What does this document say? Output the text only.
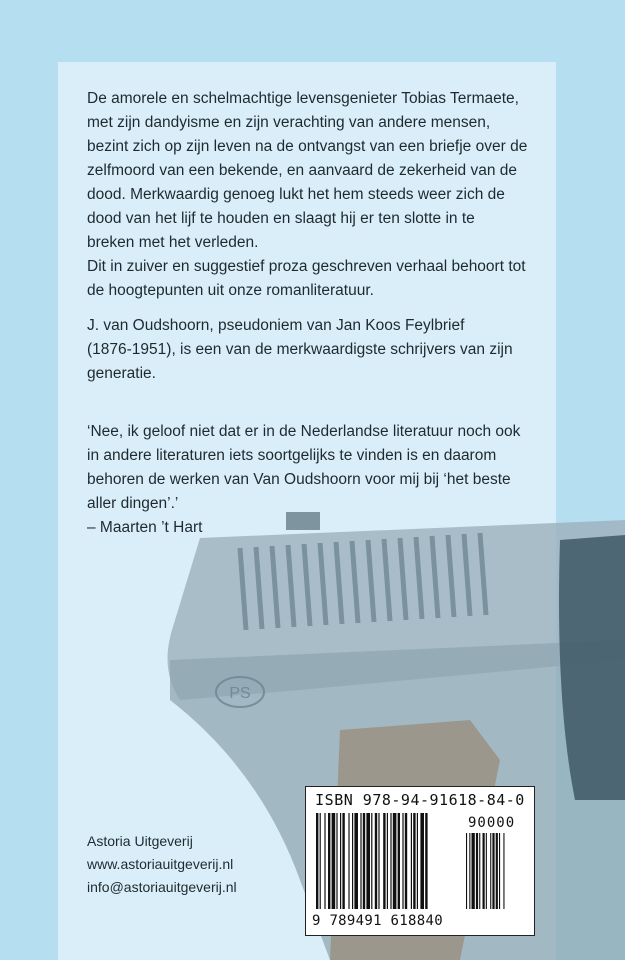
PS

De amorele en schelmachtige levensgenieter Tobias Termaete,

met zijn dandyisme en zijn verachting van andere mensen,

bezint zich op zijn leven na de ontvangst van een briefje over de

zelfmoord van een bekende, en aanvaard de zekerheid van de

dood. Merkwaardig genoeg lukt het hem steeds weer zich de

dood van het lijf te houden en slaagt hij er ten slotte in te

breken met het verleden.

Dit in zuiver en suggestief proza geschreven verhaal behoort tot

de hoogtepunten uit onze romanliteratuur.

J. van Oudshoorn, pseudoniem van Jan Koos Feylbrief

(1876-1951), is een van de merkwaardigste schrijvers van zijn

generatie.

‘Nee, ik geloof niet dat er in de Nederlandse literatuur noch ook

in andere literaturen iets soortgelijks te vinden is en daarom

behoren de werken van Van Oudshoorn voor mij bij ‘het beste

aller dingen’.’

– Maarten ’t Hart

Astoria Uitgeverij
www.astoriauitgeverij.nl
info@astoriauitgeverij.nl
ISBN 978-94-91618-84-0
90000
9 789491 618840
